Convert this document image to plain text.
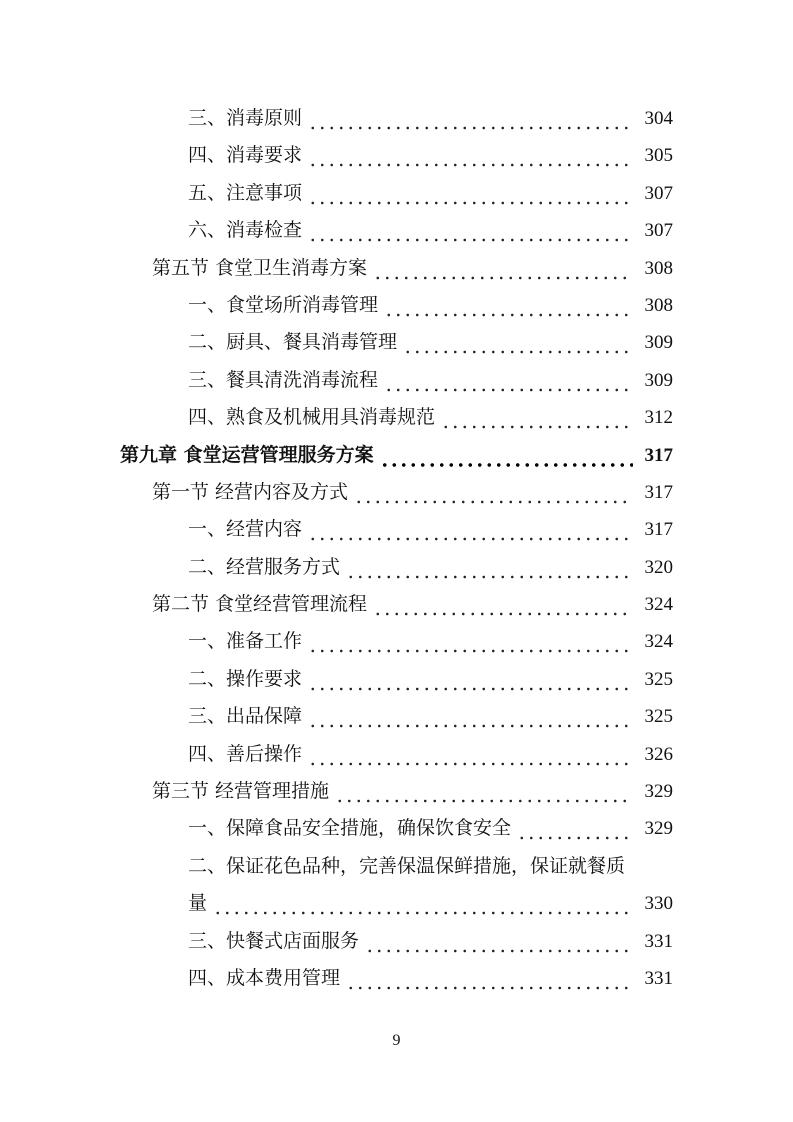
三、消毒原则	304
四、消毒要求	305
五、注意事项	307
六、消毒检查	307
第五节 食堂卫生消毒方案	308
一、食堂场所消毒管理	308
二、厨具、餐具消毒管理	309
三、餐具清洗消毒流程	309
四、熟食及机械用具消毒规范	312
第九章 食堂运营管理服务方案	317
第一节 经营内容及方式	317
一、经营内容	317
二、经营服务方式	320
第二节 食堂经营管理流程	324
一、准备工作	324
二、操作要求	325
三、出品保障	325
四、善后操作	326
第三节 经营管理措施	329
一、保障食品安全措施，确保饮食安全	329
二、保证花色品种，完善保温保鲜措施，保证就餐质
量	330
三、快餐式店面服务	331
四、成本费用管理	331
9
